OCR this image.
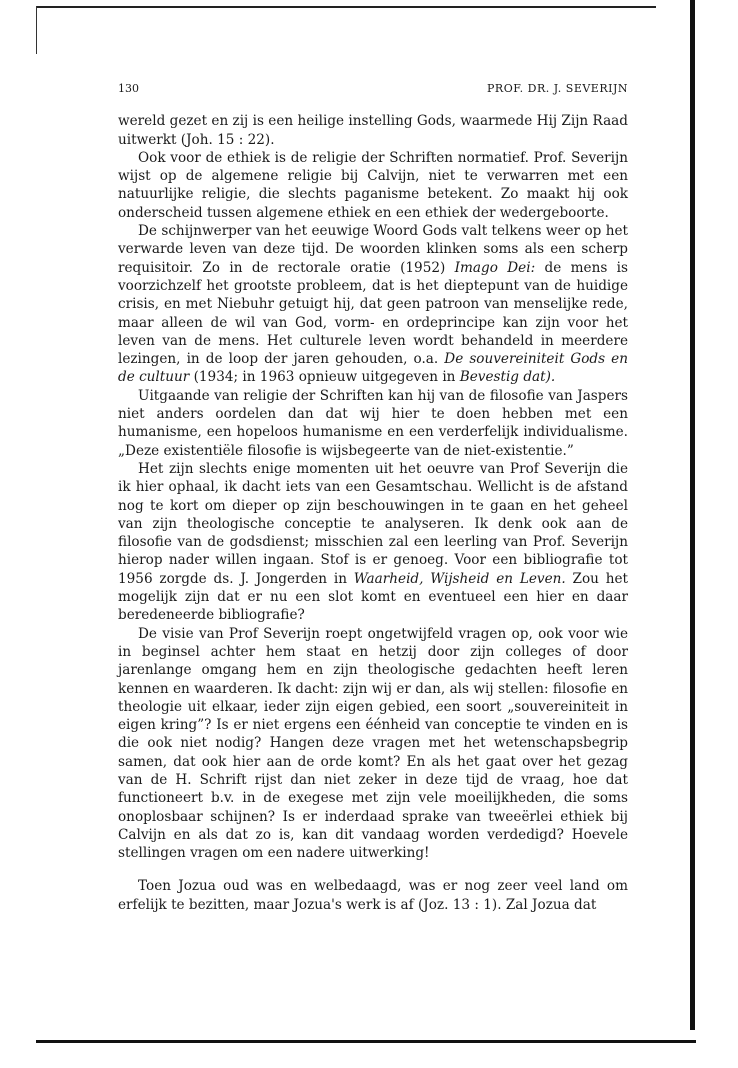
130	PROF. DR. J. SEVERIJN

wereld gezet en zij is een heilige instelling Gods, waarmede Hij Zijn Raad uitwerkt (Joh. 15 : 22).

Ook voor de ethiek is de religie der Schriften normatief. Prof. Severijn wijst op de algemene religie bij Calvijn, niet te verwarren met een natuurlijke religie, die slechts paganisme betekent. Zo maakt hij ook onderscheid tussen algemene ethiek en een ethiek der wedergeboorte.

De schijnwerper van het eeuwige Woord Gods valt telkens weer op het verwarde leven van deze tijd. De woorden klinken soms als een scherp requisitoir. Zo in de rectorale oratie (1952) Imago Dei: de mens is voorzichzelf het grootste probleem, dat is het dieptepunt van de huidige crisis, en met Niebuhr getuigt hij, dat geen patroon van menselijke rede, maar alleen de wil van God, vorm- en ordeprincipe kan zijn voor het leven van de mens. Het culturele leven wordt behandeld in meerdere lezingen, in de loop der jaren gehouden, o.a. De souvereiniteit Gods en de cultuur (1934; in 1963 opnieuw uitgegeven in Bevestig dat).

Uitgaande van religie der Schriften kan hij van de filosofie van Jaspers niet anders oordelen dan dat wij hier te doen hebben met een humanisme, een hopeloos humanisme en een verderfelijk individualisme. „Deze existentiële filosofie is wijsbegeerte van de niet-existentie.”

Het zijn slechts enige momenten uit het oeuvre van Prof Severijn die ik hier ophaal, ik dacht iets van een Gesamtschau. Wellicht is de afstand nog te kort om dieper op zijn beschouwingen in te gaan en het geheel van zijn theologische conceptie te analyseren. Ik denk ook aan de filosofie van de godsdienst; misschien zal een leerling van Prof. Severijn hierop nader willen ingaan. Stof is er genoeg. Voor een bibliografie tot 1956 zorgde ds. J. Jongerden in Waarheid, Wijsheid en Leven. Zou het mogelijk zijn dat er nu een slot komt en eventueel een hier en daar beredeneerde bibliografie?

De visie van Prof Severijn roept ongetwijfeld vragen op, ook voor wie in beginsel achter hem staat en hetzij door zijn colleges of door jarenlange omgang hem en zijn theologische gedachten heeft leren kennen en waarderen. Ik dacht: zijn wij er dan, als wij stellen: filosofie en theologie uit elkaar, ieder zijn eigen gebied, een soort „souvereiniteit in eigen kring”? Is er niet ergens een éénheid van conceptie te vinden en is die ook niet nodig? Hangen deze vragen met het wetenschapsbegrip samen, dat ook hier aan de orde komt? En als het gaat over het gezag van de H. Schrift rijst dan niet zeker in deze tijd de vraag, hoe dat functioneert b.v. in de exegese met zijn vele moeilijkheden, die soms onoplosbaar schijnen? Is er inderdaad sprake van tweeërlei ethiek bij Calvijn en als dat zo is, kan dit vandaag worden verdedigd? Hoevele stellingen vragen om een nadere uitwerking!

Toen Jozua oud was en welbedaagd, was er nog zeer veel land om erfelijk te bezitten, maar Jozua's werk is af (Joz. 13 : 1). Zal Jozua dat
